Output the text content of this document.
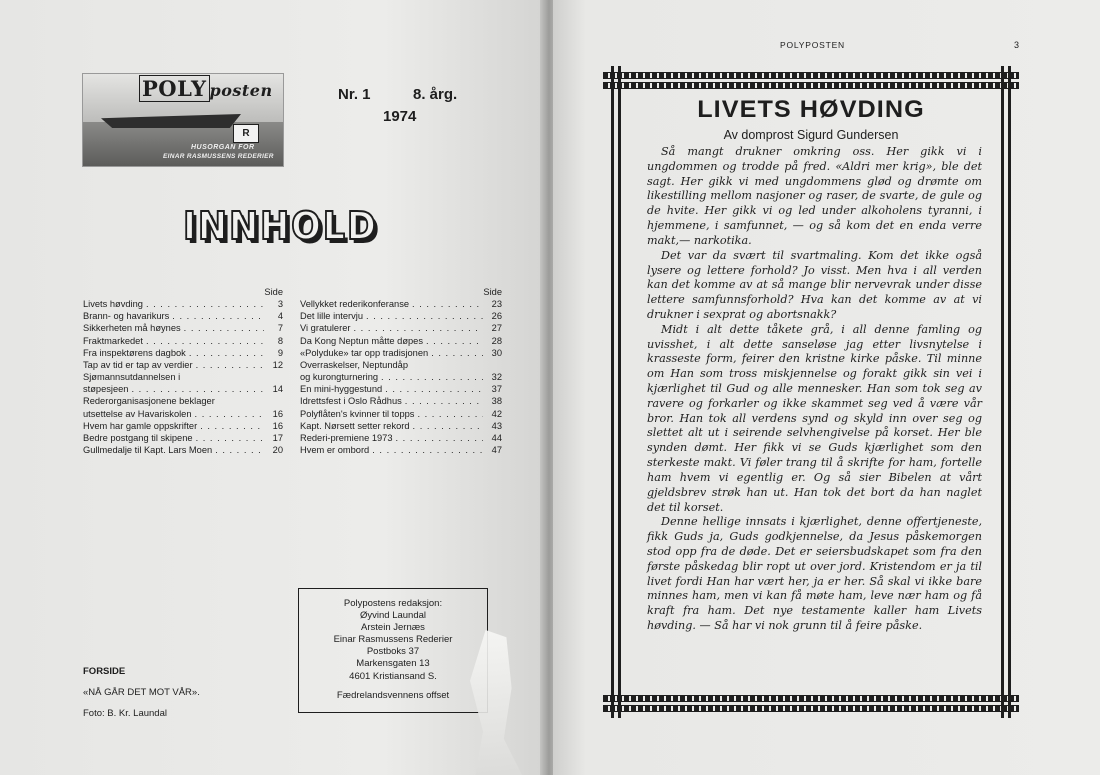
POLY posten
R
HUSORGAN FOR
EINAR RASMUSSENS REDERIER
Nr. 1	8. årg.
1974
INNHOLD
Side
Livets høvding . . .	3
Brann- og havarikurs . . .	4
Sikkerheten må høynes . . .	7
Fraktmarkedet . . .	8
Fra inspektørens dagbok . . .	9
Tap av tid er tap av verdier . . .	12
Sjømannsutdannelsen i
støpesjeen . . .	14
Rederorganisasjonene beklager
utsettelse av Havariskolen . . .	16
Hvem har gamle oppskrifter . . .	16
Bedre postgang til skipene . . .	17
Gullmedalje til Kapt. Lars Moen . . .	20
Side
Vellykket rederikonferanse . . .	23
Det lille intervju . . .	26
Vi gratulerer . . .	27
Da Kong Neptun måtte døpes . . .	28
«Polyduke» tar opp tradisjonen . . .	30
Overraskelser, Neptundåp
og kurongturnering . . .	32
En mini-hyggestund . . .	37
Idrettsfest i Oslo Rådhus . . .	38
Polyflåten's kvinner til topps . . .	42
Kapt. Nørsett setter rekord . . .	43
Rederi-premiene 1973 . . .	44
Hvem er ombord . . .	47
Polypostens redaksjon:
Øyvind Laundal
Arstein Jernæs
Einar Rasmussens Rederier
Postboks 37
Markensgaten 13
4601 Kristiansand S.
Fædrelandsvennens offset
FORSIDE
«NÅ GÅR DET MOT VÅR».
Foto: B. Kr. Laundal
POLYPOSTEN	3
LIVETS HØVDING
Av domprost Sigurd Gundersen

Så mangt drukner omkring oss. Her gikk vi i ungdommen og trodde på fred. «Aldri mer krig», ble det sagt. Her gikk vi med ungdommens glød og drømte om likestilling mellom nasjoner og raser, de svarte, de gule og de hvite. Her gikk vi og led under alkoholens tyranni, i hjemmene, i samfunnet, — og så kom det en enda verre makt,— narkotika.

Det var da svært til svartmaling. Kom det ikke også lysere og lettere forhold? Jo visst. Men hva i all verden kan det komme av at så mange blir nervevrak under disse lettere samfunnsforhold? Hva kan det komme av at vi drukner i sexprat og abortsnakk?

Midt i alt dette tåkete grå, i all denne famling og uvisshet, i alt dette sanseløse jag etter livsnytelse i krasseste form, feirer den kristne kirke påske. Til minne om Han som tross miskjennelse og forakt gikk sin vei i kjærlighet til Gud og alle mennesker. Han som tok seg av ravere og forkarler og ikke skammet seg ved å være vår bror. Han tok all verdens synd og skyld inn over seg og slettet alt ut i seirende selvhengivelse på korset. Her ble synden dømt. Her fikk vi se Guds kjærlighet som den sterkeste makt. Vi føler trang til å skrifte for ham, fortelle ham hvem vi egentlig er. Og så sier Bibelen at vårt gjeldsbrev strøk han ut. Han tok det bort da han naglet det til korset.

Denne hellige innsats i kjærlighet, denne offertjeneste, fikk Guds ja, Guds godkjennelse, da Jesus påskemorgen stod opp fra de døde. Det er seiersbudskapet som fra den første påskedag blir ropt ut over jord. Kristendom er ja til livet fordi Han har vært her, ja er her. Så skal vi ikke bare minnes ham, men vi kan få møte ham, leve nær ham og få kraft fra ham. Det nye testamente kaller ham Livets høvding. — Så har vi nok grunn til å feire påske.
